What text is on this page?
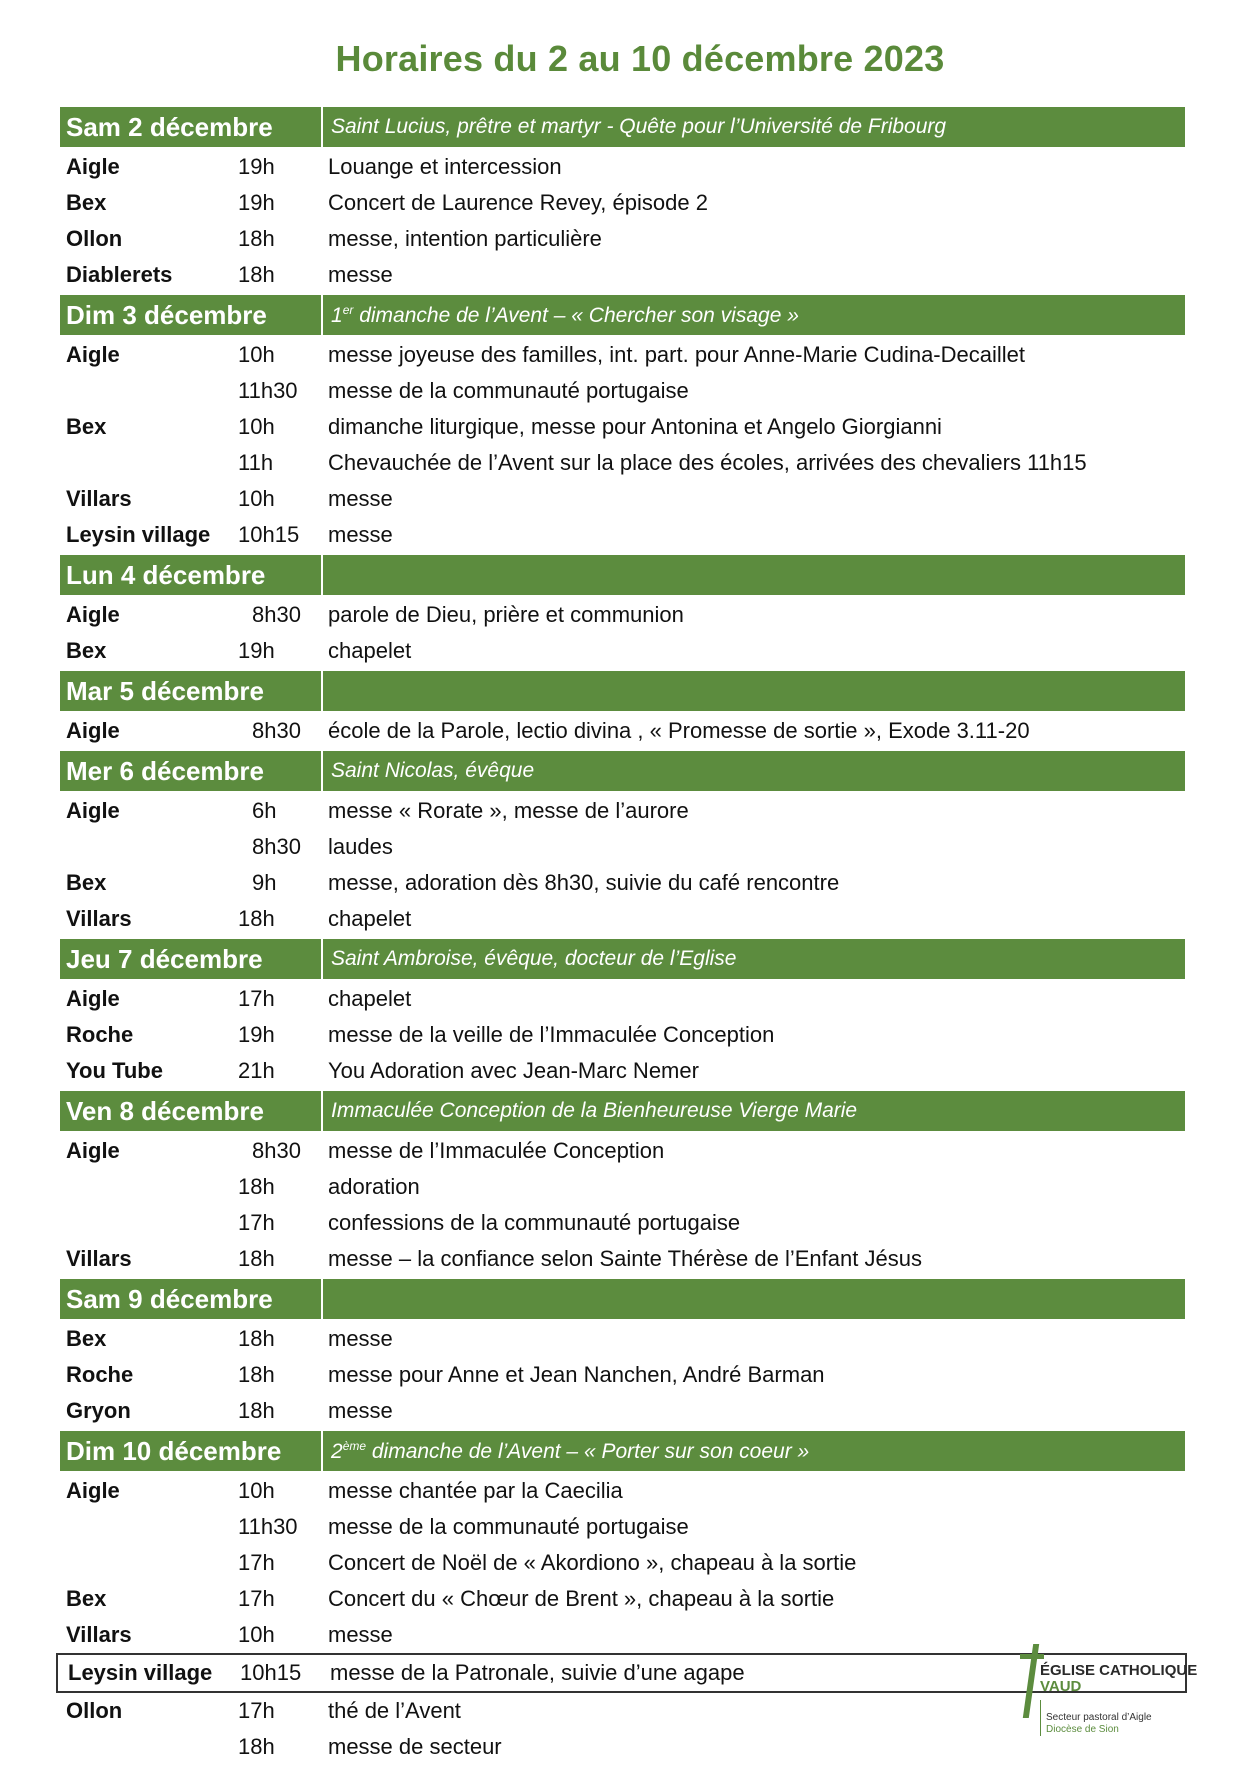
Horaires du 2 au 10 décembre 2023
Sam 2 décembre	Saint Lucius, prêtre et martyr - Quête pour l’Université de Fribourg
Aigle	19h	Louange et intercession
Bex	19h	Concert de Laurence Revey, épisode 2
Ollon	18h	messe, intention particulière
Diablerets	18h	messe
Dim 3 décembre	1er dimanche de l’Avent – « Chercher son visage »
Aigle	10h	messe joyeuse des familles, int. part. pour Anne-Marie Cudina-Decaillet
11h30	messe de la communauté portugaise
Bex	10h	dimanche liturgique, messe pour Antonina et Angelo Giorgianni
11h	Chevauchée de l’Avent sur la place des écoles, arrivées des chevaliers 11h15
Villars	10h	messe
Leysin village	10h15	messe
Lun 4 décembre
Aigle	8h30	parole de Dieu, prière et communion
Bex	19h	chapelet
Mar 5 décembre
Aigle	8h30	école de la Parole, lectio divina , « Promesse de sortie », Exode 3.11-20
Mer 6 décembre	Saint Nicolas, évêque
Aigle	6h	messe « Rorate », messe de l’aurore
8h30	laudes
Bex	9h	messe, adoration dès 8h30, suivie du café rencontre
Villars	18h	chapelet
Jeu 7 décembre	Saint Ambroise, évêque, docteur de l’Eglise
Aigle	17h	chapelet
Roche	19h	messe de la veille de l’Immaculée Conception
You Tube	21h	You Adoration avec Jean-Marc Nemer
Ven 8 décembre	Immaculée Conception de la Bienheureuse Vierge Marie
Aigle	8h30	messe de l’Immaculée Conception
18h	adoration
17h	confessions de la communauté portugaise
Villars	18h	messe – la confiance selon Sainte Thérèse de l’Enfant Jésus
Sam 9 décembre
Bex	18h	messe
Roche	18h	messe pour Anne et Jean Nanchen, André Barman
Gryon	18h	messe
Dim 10 décembre	2ème dimanche de l’Avent – « Porter sur son coeur »
Aigle	10h	messe chantée par la Caecilia
11h30	messe de la communauté portugaise
17h	Concert de Noël de « Akordiono », chapeau à la sortie
Bex	17h	Concert du « Chœur de Brent », chapeau à la sortie
Villars	10h	messe
Leysin village	10h15	messe de la Patronale, suivie d’une agape
Ollon	17h	thé de l’Avent
18h	messe de secteur
ÉGLISE CATHOLIQUE
VAUD
Secteur pastoral d’Aigle
Diocèse de Sion
